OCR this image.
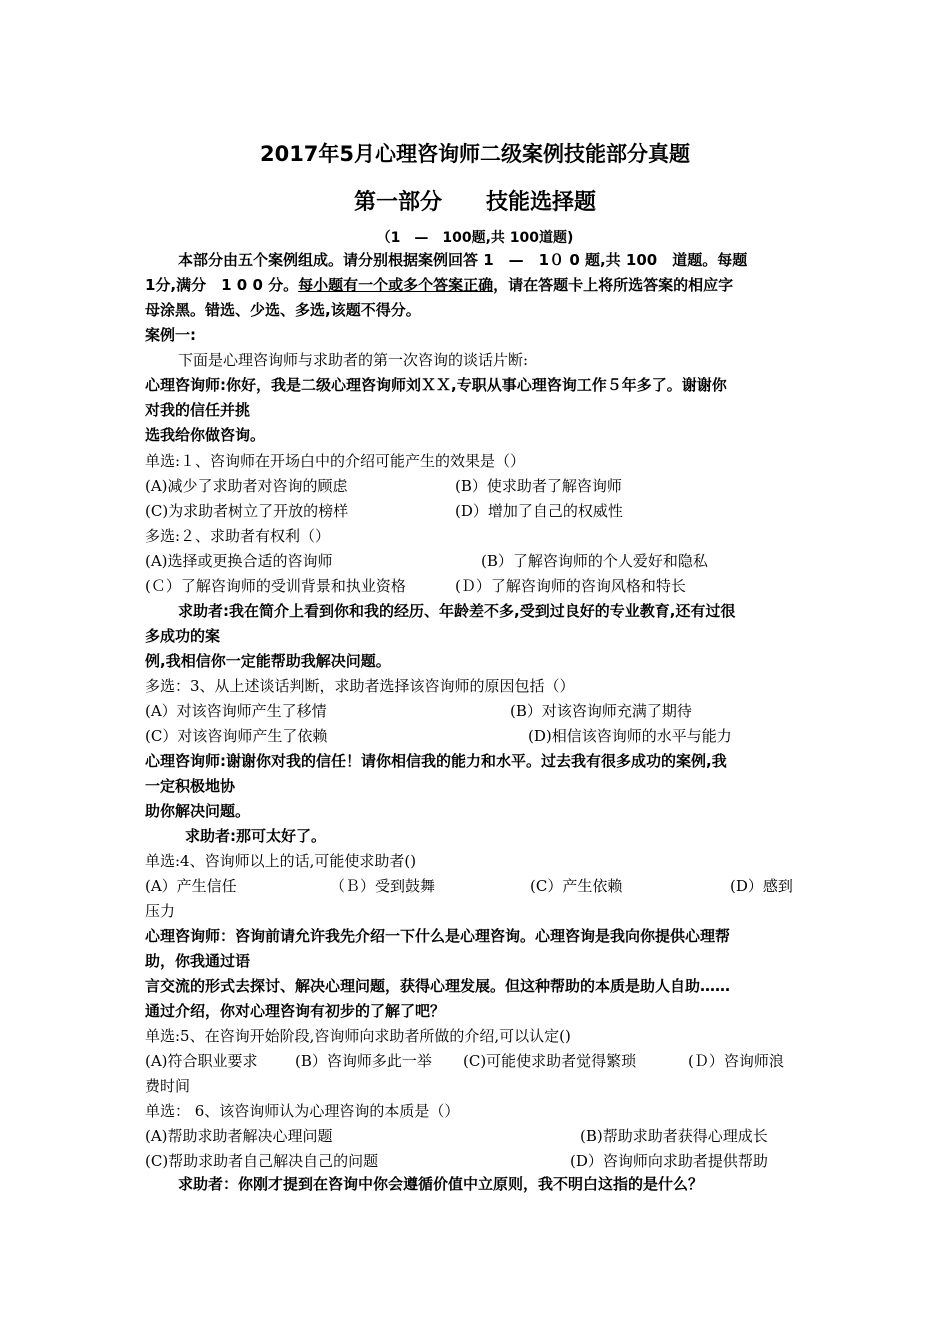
2017年5月心理咨询师二级案例技能部分真题
第一部分　　技能选择题
（1　—　100题,共 100道题)
本部分由五个案例组成。请分别根据案例回答 1　—　1０ 0 题,共 100　道题。每题
1分,满分　1 0 0 分。每小题有一个或多个答案正确，请在答题卡上将所选答案的相应字
母涂黑。错选、少选、多选,该题不得分。
案例一:
下面是心理咨询师与求助者的第一次咨询的谈话片断:
心理咨询师:你好，我是二级心理咨询师刘ＸＸ,专职从事心理咨询工作５年多了。谢谢你
对我的信任并挑
选我给你做咨询。
单选:１、咨询师在开场白中的介绍可能产生的效果是（）
(A)减少了求助者对咨询的顾虑	(B）使求助者了解咨询师
(C)为求助者树立了开放的榜样	(D）增加了自己的权威性
多选:２、求助者有权利（）
(A)选择或更换合适的咨询师	(B）了解咨询师的个人爱好和隐私
(Ｃ）了解咨询师的受训背景和执业资格	(Ｄ）了解咨询师的咨询风格和特长
求助者:我在简介上看到你和我的经历、年龄差不多,受到过良好的专业教育,还有过很
多成功的案
例,我相信你一定能帮助我解决问题。
多选：3、从上述谈话判断，求助者选择该咨询师的原因包括（）
(A）对该咨询师产生了移情	(B）对该咨询师充满了期待
(C）对该咨询师产生了依赖	(D)相信该咨询师的水平与能力
心理咨询师:谢谢你对我的信任！请你相信我的能力和水平。过去我有很多成功的案例,我
一定积极地协
助你解决问题。
求助者:那可太好了。
单选:4、咨询师以上的话,可能使求助者()
(A）产生信任	（Ｂ）受到鼓舞	(C）产生依赖	(D）感到
压力
心理咨询师：咨询前请允许我先介绍一下什么是心理咨询。心理咨询是我向你提供心理帮
助，你我通过语
言交流的形式去探讨、解决心理问题，获得心理发展。但这种帮助的本质是助人自助……
通过介绍，你对心理咨询有初步的了解了吧？
单选:5、在咨询开始阶段,咨询师向求助者所做的介绍,可以认定()
(A)符合职业要求 (B）咨询师多此一举 (C)可能使求助者觉得繁琐	(Ｄ）咨询师浪
费时间
单选： 6、该咨询师认为心理咨询的本质是（）
(A)帮助求助者解决心理问题	(B)帮助求助者获得心理成长
(C)帮助求助者自己解决自己的问题	(D）咨询师向求助者提供帮助
求助者：你刚才提到在咨询中你会遵循价值中立原则，我不明白这指的是什么？
